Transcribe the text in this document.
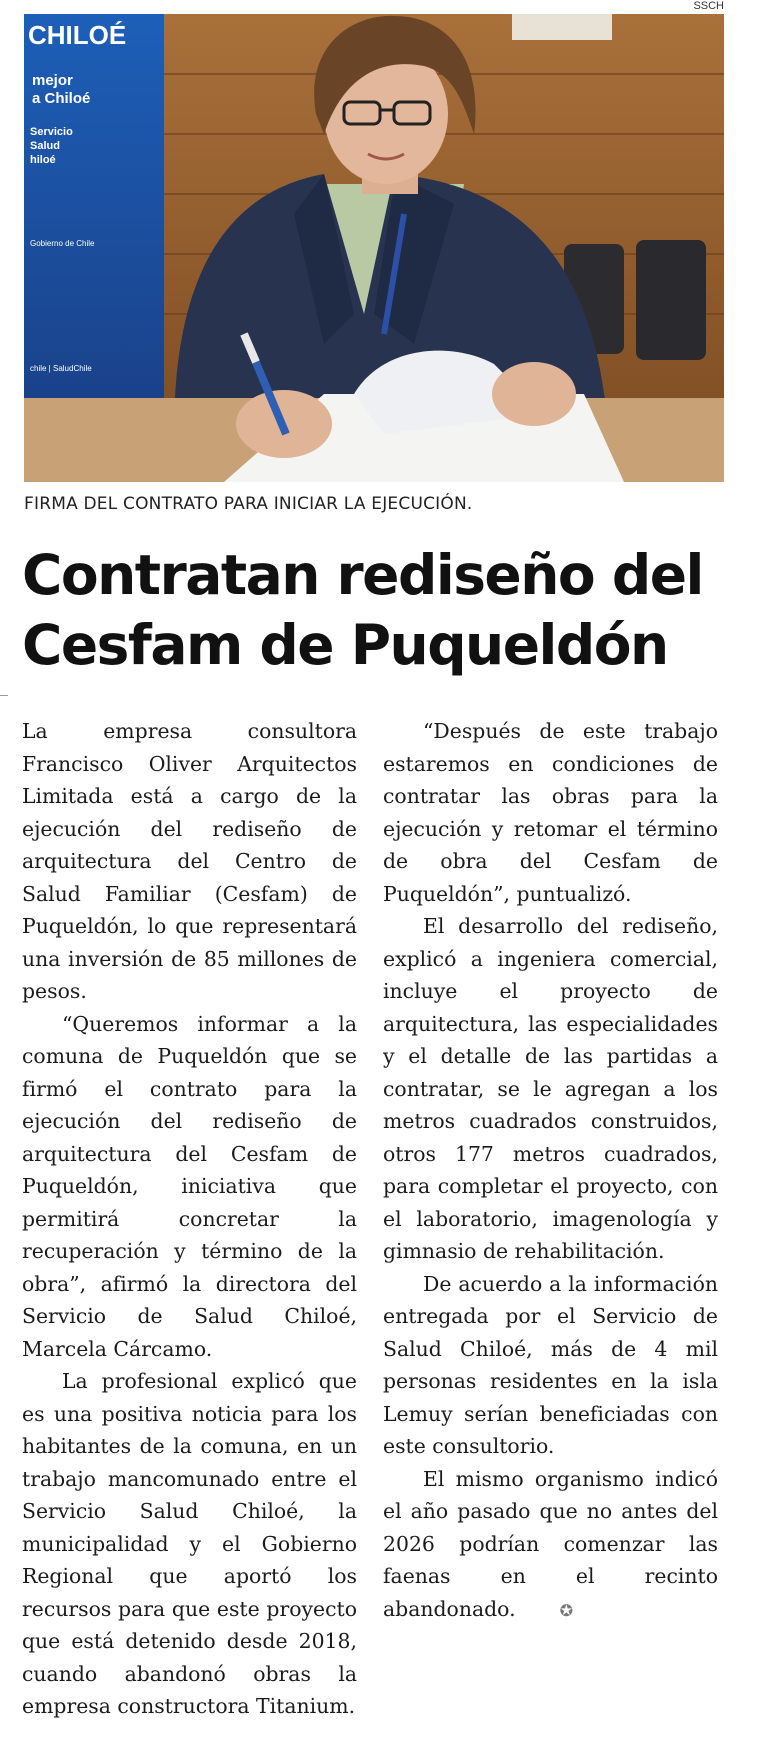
SSCH
CHILOÉ
mejor
a Chiloé
Servicio
Salud
hiloé
Gobierno de Chile
chile | SaludChile
FIRMA DEL CONTRATO PARA INICIAR LA EJECUCIÓN.
Contratan rediseño del
Cesfam de Puqueldón

La empresa consultora Francisco Oliver Arquitectos Limitada está a cargo de la ejecución del rediseño de arquitectura del Centro de Salud Familiar (Cesfam) de Puqueldón, lo que representará una inversión de 85 millones de pesos.

“Queremos informar a la comuna de Puqueldón que se firmó el contrato para la ejecución del rediseño de arquitectura del Cesfam de Puqueldón, iniciativa que permitirá concretar la recuperación y término de la obra”, afirmó la directora del Servicio de Salud Chiloé, Marcela Cárcamo.

La profesional explicó que es una positiva noticia para los habitantes de la comuna, en un trabajo mancomunado entre el Servicio Salud Chiloé, la municipalidad y el Gobierno Regional que aportó los recursos para que este proyecto que está detenido desde 2018, cuando abandonó obras la empresa constructora Titanium.

“Después de este trabajo estaremos en condiciones de contratar las obras para la ejecución y retomar el término de obra del Cesfam de Puqueldón”, puntualizó.

El desarrollo del rediseño, explicó a ingeniera comercial, incluye el proyecto de arquitectura, las especialidades y el detalle de las partidas a contratar, se le agregan a los metros cuadrados construidos, otros 177 metros cuadrados, para completar el proyecto, con el laboratorio, imagenología y gimnasio de rehabilitación.

De acuerdo a la información entregada por el Servicio de Salud Chiloé, más de 4 mil personas residentes en la isla Lemuy serían beneficiadas con este consultorio.

El mismo organismo indicó el año pasado que no antes del 2026 podrían comenzar las faenas en el recinto abandonado.	✪
